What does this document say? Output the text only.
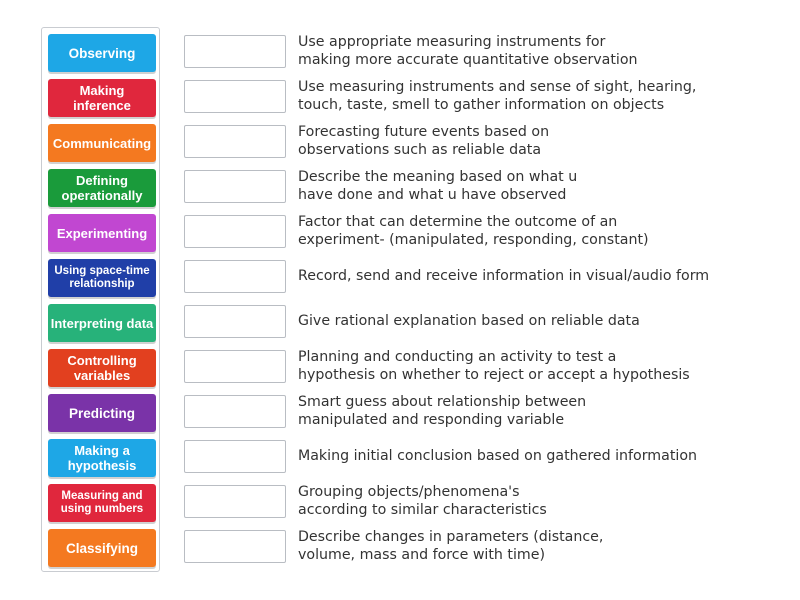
Observing
Making inference
Communicating
Defining operationally
Experimenting
Using space-time relationship
Interpreting data
Controlling variables
Predicting
Making a hypothesis
Measuring and using numbers
Classifying
Use appropriate measuring instruments for
making more accurate quantitative observation
Use measuring instruments and sense of sight, hearing,
touch, taste, smell to gather information on objects
Forecasting future events based on
observations such as reliable data
Describe the meaning based on what u
have done and what u have observed
Factor that can determine the outcome of an
experiment- (manipulated, responding, constant)
Record, send and receive information in visual/audio form
Give rational explanation based on reliable data
Planning and conducting an activity to test a
hypothesis on whether to reject or accept a hypothesis
Smart guess about relationship between
manipulated and responding variable
Making initial conclusion based on gathered information
Grouping objects/phenomena's
according to similar characteristics
Describe changes in parameters (distance,
volume, mass and force with time)
